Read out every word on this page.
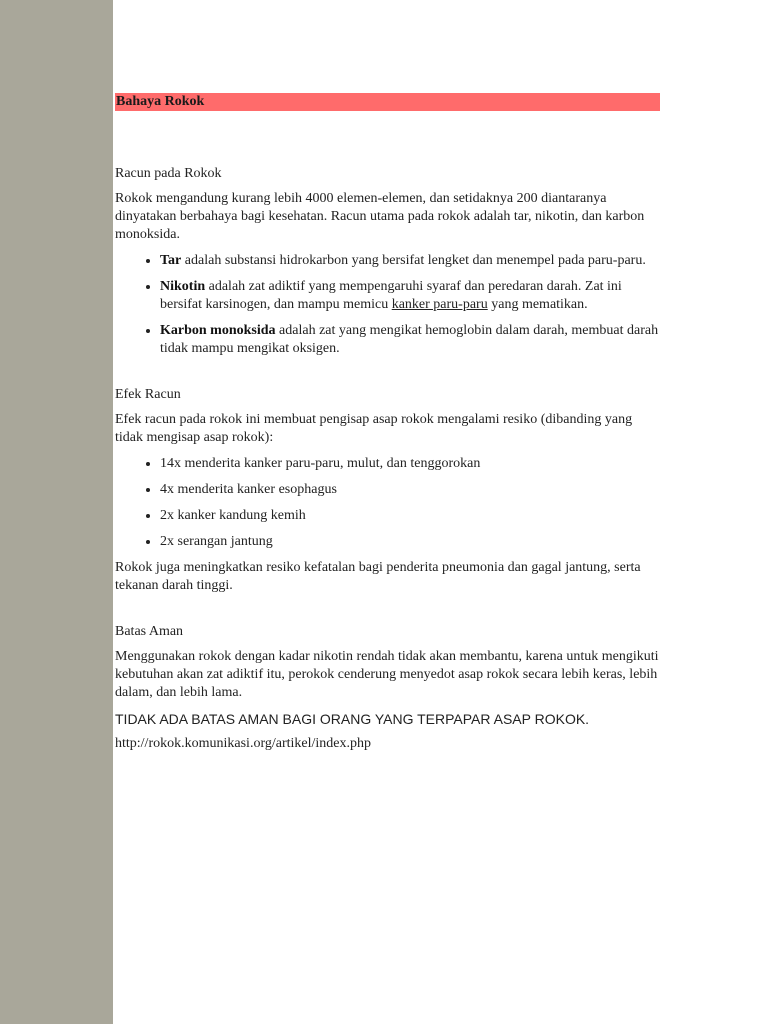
Bahaya Rokok
Racun pada Rokok

Rokok mengandung kurang lebih 4000 elemen-elemen, dan setidaknya 200 diantaranya dinyatakan berbahaya bagi kesehatan. Racun utama pada rokok adalah tar, nikotin, dan karbon monoksida.

• Tar adalah substansi hidrokarbon yang bersifat lengket dan menempel pada paru-paru.
• Nikotin adalah zat adiktif yang mempengaruhi syaraf dan peredaran darah. Zat ini bersifat karsinogen, dan mampu memicu kanker paru-paru yang mematikan.
• Karbon monoksida adalah zat yang mengikat hemoglobin dalam darah, membuat darah tidak mampu mengikat oksigen.
Efek Racun

Efek racun pada rokok ini membuat pengisap asap rokok mengalami resiko (dibanding yang tidak mengisap asap rokok):

• 14x menderita kanker paru-paru, mulut, dan tenggorokan
• 4x menderita kanker esophagus
• 2x kanker kandung kemih
• 2x serangan jantung

Rokok juga meningkatkan resiko kefatalan bagi penderita pneumonia dan gagal jantung, serta tekanan darah tinggi.

Batas Aman

Menggunakan rokok dengan kadar nikotin rendah tidak akan membantu, karena untuk mengikuti kebutuhan akan zat adiktif itu, perokok cenderung menyedot asap rokok secara lebih keras, lebih dalam, dan lebih lama.

TIDAK ADA BATAS AMAN BAGI ORANG YANG TERPAPAR ASAP ROKOK.

http://rokok.komunikasi.org/artikel/index.php
